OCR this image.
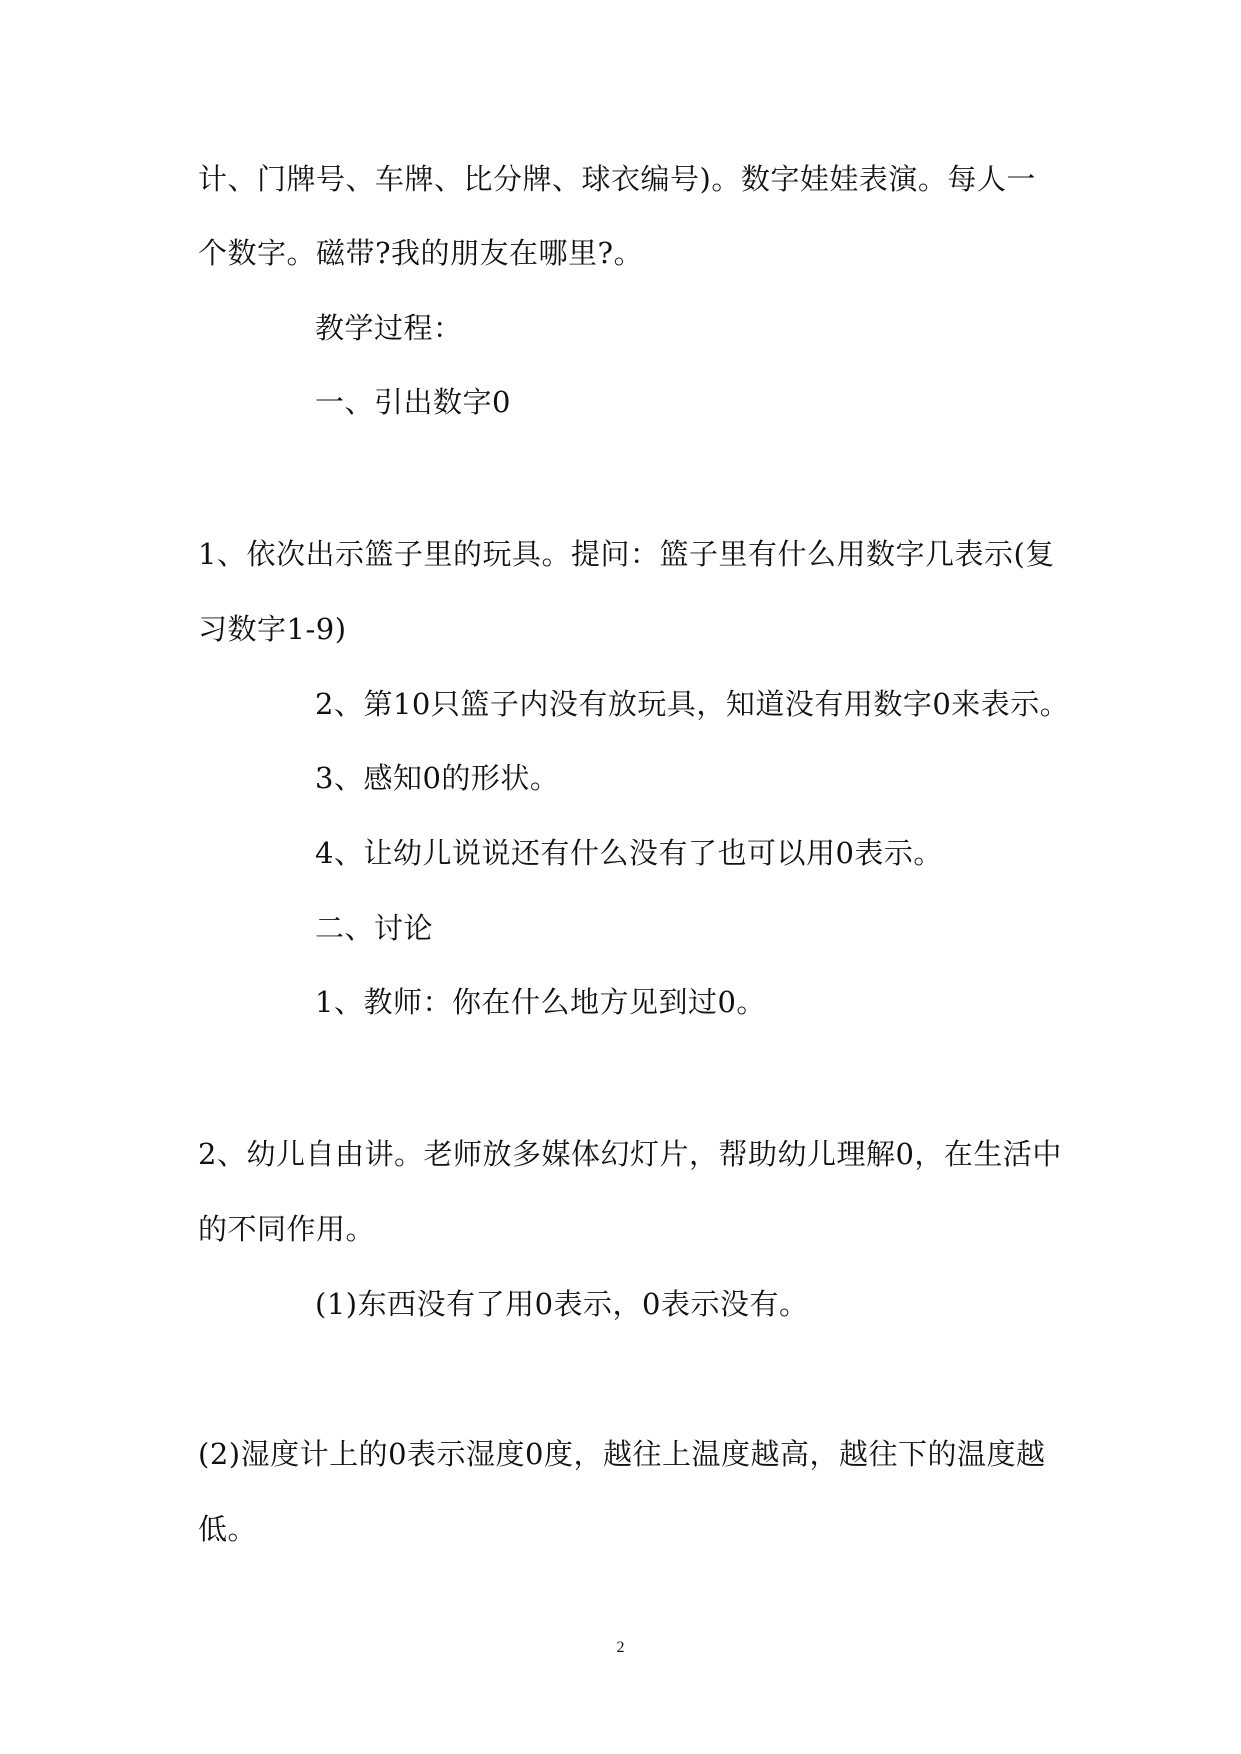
计、门牌号、车牌、比分牌、球衣编号)。数字娃娃表演。每人一
个数字。磁带?我的朋友在哪里?。
教学过程：
一、引出数字0
1、依次出示篮子里的玩具。提问：篮子里有什么用数字几表示(复
习数字1-9)
2、第10只篮子内没有放玩具，知道没有用数字0来表示。
3、感知0的形状。
4、让幼儿说说还有什么没有了也可以用0表示。
二、讨论
1、教师：你在什么地方见到过0。
2、幼儿自由讲。老师放多媒体幻灯片，帮助幼儿理解0，在生活中
的不同作用。
(1)东西没有了用0表示，0表示没有。
(2)湿度计上的0表示湿度0度，越往上温度越高，越往下的温度越
低。
2
